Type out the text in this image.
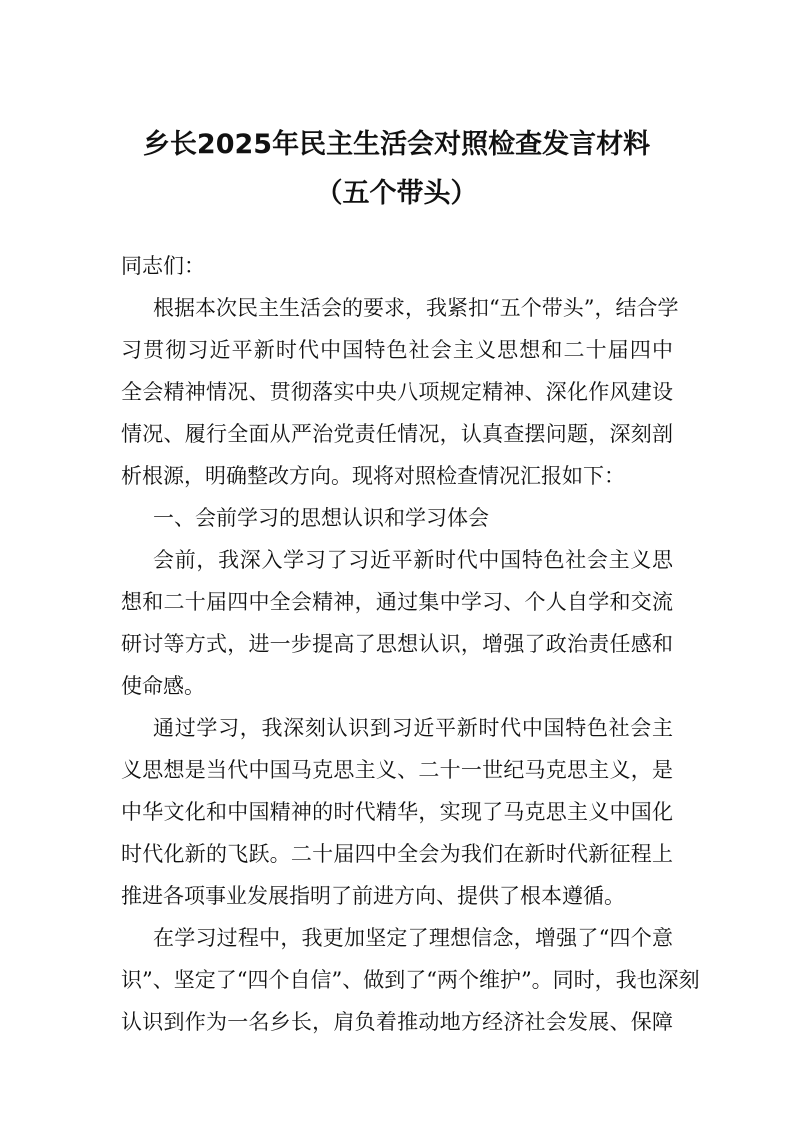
乡长2025年民主生活会对照检查发言材料
（五个带头）

同志们：

根据本次民主生活会的要求，我紧扣“五个带头”，结合学
习贯彻习近平新时代中国特色社会主义思想和二十届四中
全会精神情况、贯彻落实中央八项规定精神、深化作风建设
情况、履行全面从严治党责任情况，认真查摆问题，深刻剖
析根源，明确整改方向。现将对照检查情况汇报如下：
一、会前学习的思想认识和学习体会
会前，我深入学习了习近平新时代中国特色社会主义思
想和二十届四中全会精神，通过集中学习、个人自学和交流
研讨等方式，进一步提高了思想认识，增强了政治责任感和
使命感。
通过学习，我深刻认识到习近平新时代中国特色社会主
义思想是当代中国马克思主义、二十一世纪马克思主义，是
中华文化和中国精神的时代精华，实现了马克思主义中国化
时代化新的飞跃。二十届四中全会为我们在新时代新征程上
推进各项事业发展指明了前进方向、提供了根本遵循。
在学习过程中，我更加坚定了理想信念，增强了“四个意
识”、坚定了“四个自信”、做到了“两个维护”。同时，我也深刻
认识到作为一名乡长，肩负着推动地方经济社会发展、保障
